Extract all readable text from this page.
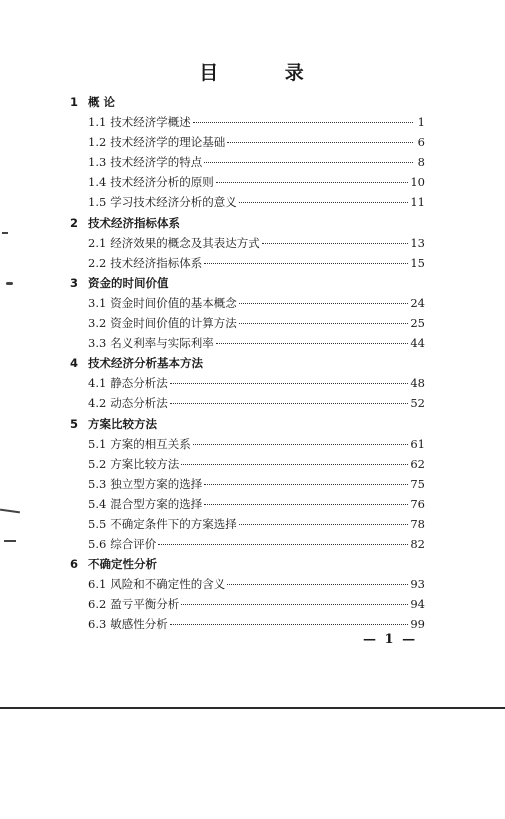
目 录
1 概 论
1.1 技术经济学概述	1
1.2 技术经济学的理论基础	6
1.3 技术经济学的特点	8
1.4 技术经济分析的原则	10
1.5 学习技术经济分析的意义	11
2 技术经济指标体系
2.1 经济效果的概念及其表达方式	13
2.2 技术经济指标体系	15
3 资金的时间价值
3.1 资金时间价值的基本概念	24
3.2 资金时间价值的计算方法	25
3.3 名义利率与实际利率	44
4 技术经济分析基本方法
4.1 静态分析法	48
4.2 动态分析法	52
5 方案比较方法
5.1 方案的相互关系	61
5.2 方案比较方法	62
5.3 独立型方案的选择	75
5.4 混合型方案的选择	76
5.5 不确定条件下的方案选择	78
5.6 综合评价	82
6 不确定性分析
6.1 风险和不确定性的含义	93
6.2 盈亏平衡分析	94
6.3 敏感性分析	99
— 1 —
